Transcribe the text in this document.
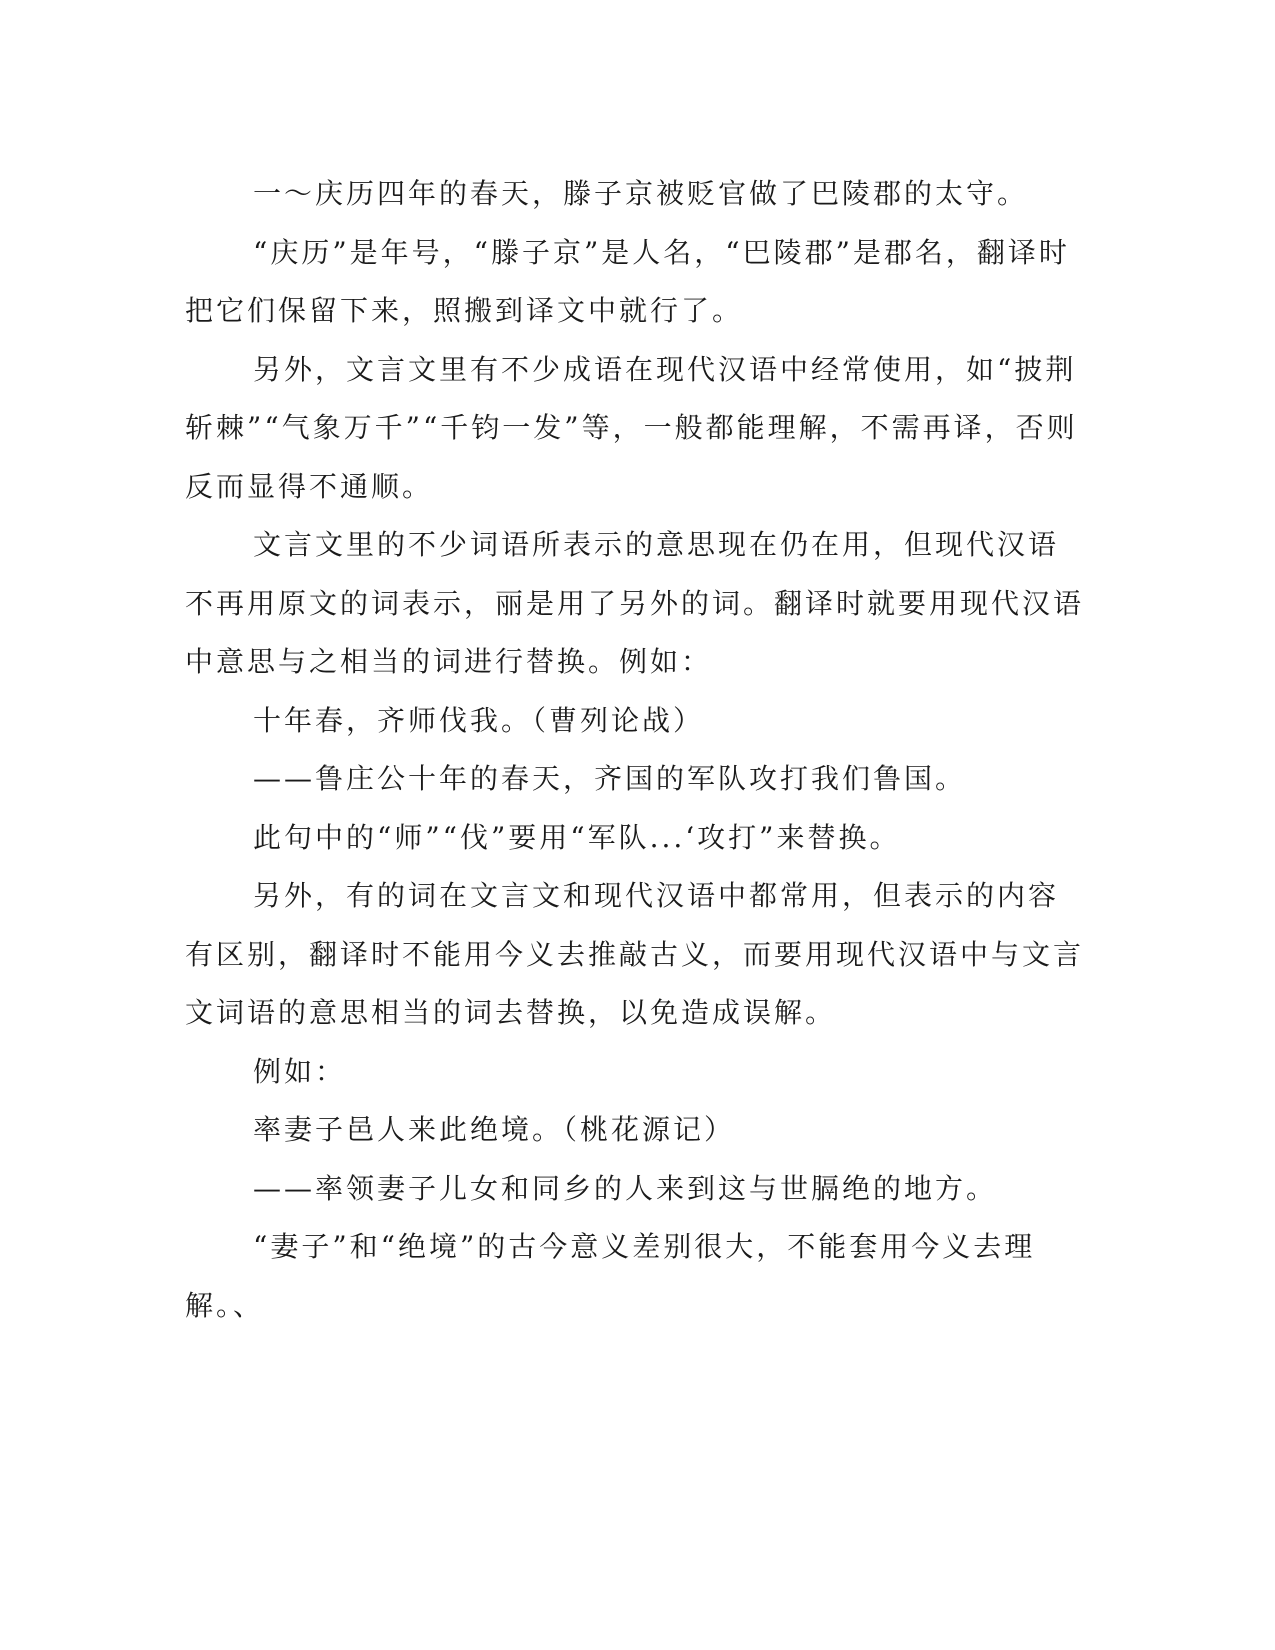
一～庆历四年的春天，滕子京被贬官做了巴陵郡的太守。

“庆历”是年号，“滕子京”是人名，“巴陵郡”是郡名，翻译时把它们保留下来，照搬到译文中就行了。

另外，文言文里有不少成语在现代汉语中经常使用，如“披荆斩棘”“气象万千”“千钧一发”等，一般都能理解，不需再译，否则反而显得不通顺。

文言文里的不少词语所表示的意思现在仍在用，但现代汉语不再用原文的词表示，丽是用了另外的词。翻译时就要用现代汉语中意思与之相当的词进行替换。例如：

十年春，齐师伐我。（曹列论战）

——鲁庄公十年的春天，齐国的军队攻打我们鲁国。

此句中的“师”“伐”要用“军队...‘攻打”来替换。

另外，有的词在文言文和现代汉语中都常用，但表示的内容有区别，翻译时不能用今义去推敲古义，而要用现代汉语中与文言文词语的意思相当的词去替换，以免造成误解。

例如：

率妻子邑人来此绝境。（桃花源记）

——率领妻子儿女和同乡的人来到这与世膈绝的地方。

“妻子”和“绝境”的古今意义差别很大，不能套用今义去理解。、
